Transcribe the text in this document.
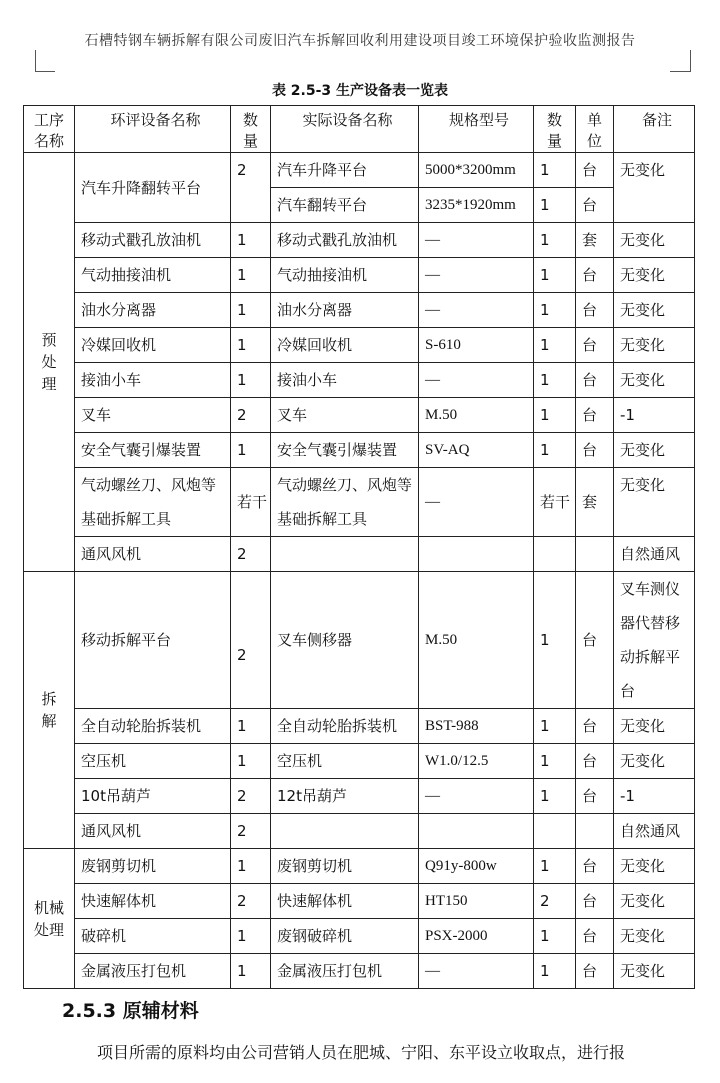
石槽特钢车辆拆解有限公司废旧汽车拆解回收利用建设项目竣工环境保护验收监测报告
表 2.5-3 生产设备表一览表
工序名称	环评设备名称	数量	实际设备名称	规格型号	数量	单位	备注
预处理	汽车升降翻转平台	2	汽车升降平台	5000*3200mm	1	台	无变化
			汽车翻转平台	3235*1920mm	1	台	
	移动式戳孔放油机	1	移动式戳孔放油机	—	1	套	无变化
	气动抽接油机	1	气动抽接油机	—	1	台	无变化
	油水分离器	1	油水分离器	—	1	台	无变化
	冷媒回收机	1	冷媒回收机	S-610	1	台	无变化
	接油小车	1	接油小车	—	1	台	无变化
	叉车	2	叉车	M.50	1	台	-1
	安全气囊引爆装置	1	安全气囊引爆装置	SV-AQ	1	台	无变化
	气动螺丝刀、风炮等基础拆解工具	若干	气动螺丝刀、风炮等基础拆解工具	—	若干	套	无变化
	通风风机	2					自然通风
拆解	移动拆解平台	2	叉车侧移器	M.50	1	台	叉车测仪器代替移动拆解平台
	全自动轮胎拆装机	1	全自动轮胎拆装机	BST-988	1	台	无变化
	空压机	1	空压机	W1.0/12.5	1	台	无变化
	10t吊葫芦	2	12t吊葫芦	—	1	台	-1
	通风风机	2					自然通风
机械处理	废钢剪切机	1	废钢剪切机	Q91y-800w	1	台	无变化
	快速解体机	2	快速解体机	HT150	2	台	无变化
	破碎机	1	废钢破碎机	PSX-2000	1	台	无变化
	金属液压打包机	1	金属液压打包机	—	1	台	无变化
2.5.3 原辅材料
项目所需的原料均由公司营销人员在肥城、宁阳、东平设立收取点，进行报
